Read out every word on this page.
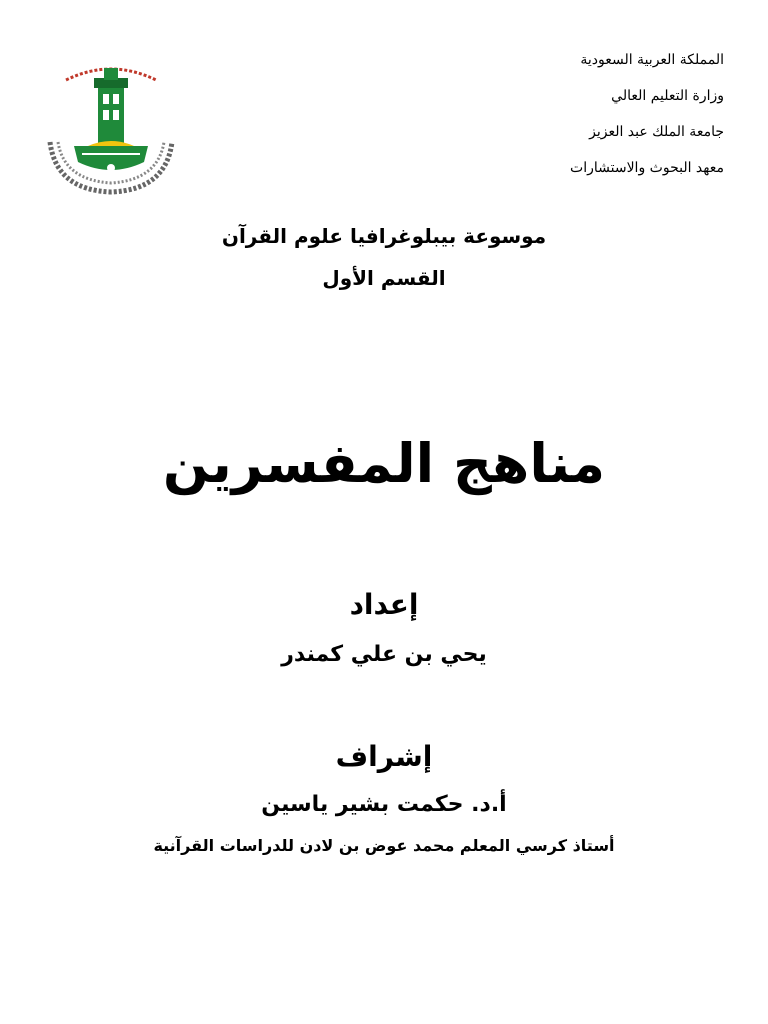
المملكة العربية السعودية
وزارة التعليم العالي
جامعة الملك عبد العزيز
معهد البحوث والاستشارات
موسوعة بيبلوغرافيا علوم القرآن
القسم الأول
مناهج المفسرين
إعداد
يحي بن علي كمندر
إشراف
أ.د. حكمت بشير ياسين
أستاذ كرسي المعلم محمد عوض بن لادن للدراسات القرآنية
